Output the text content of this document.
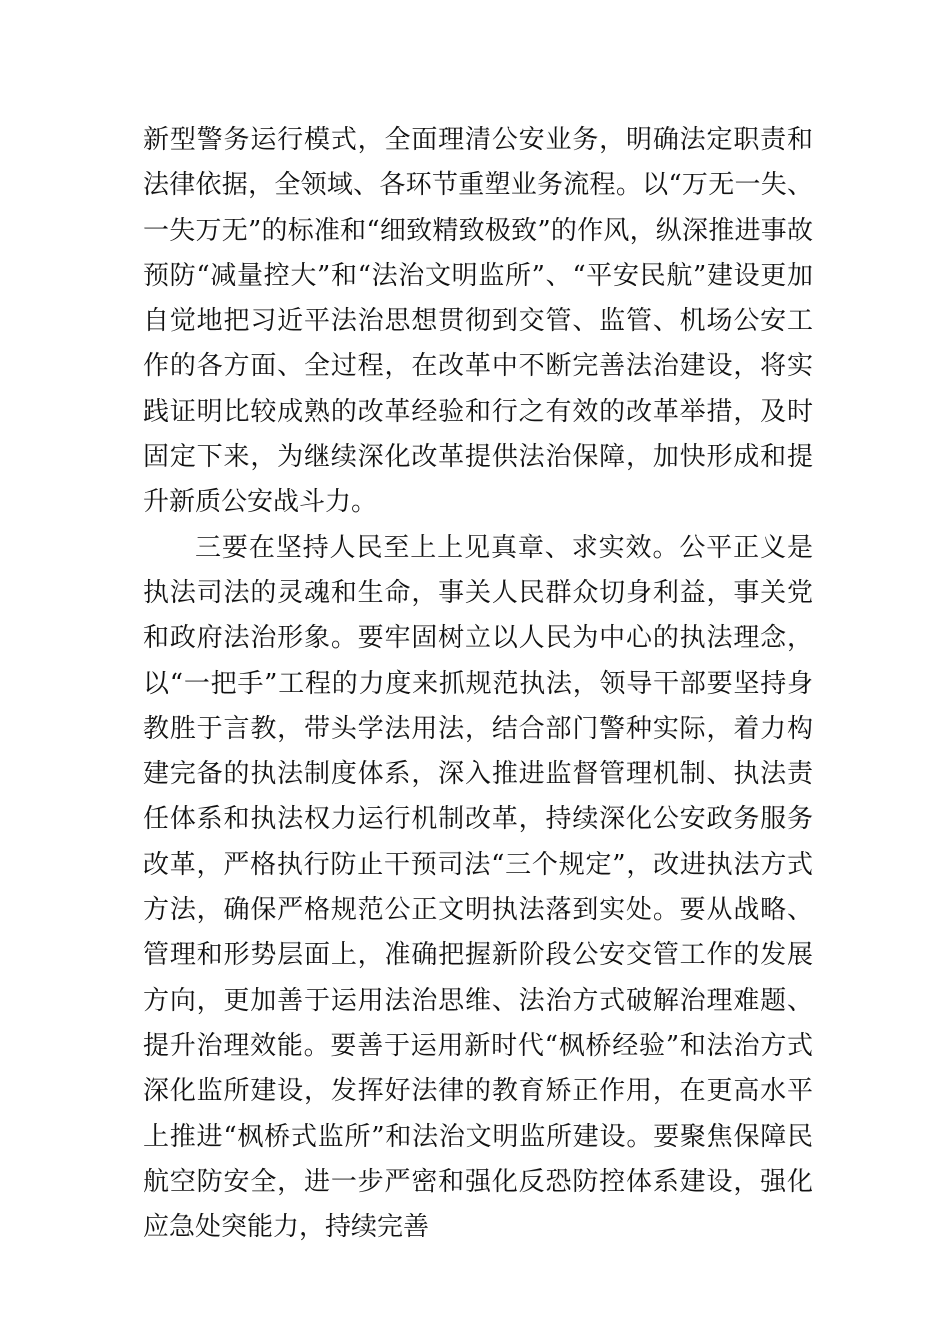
新型警务运行模式，全面理清公安业务，明确法定职责和法律依据，全领域、各环节重塑业务流程。以“万无一失、一失万无”的标准和“细致精致极致”的作风，纵深推进事故预防“减量控大”和“法治文明监所”、“平安民航”建设更加自觉地把习近平法治思想贯彻到交管、监管、机场公安工作的各方面、全过程，在改革中不断完善法治建设，将实践证明比较成熟的改革经验和行之有效的改革举措，及时固定下来，为继续深化改革提供法治保障，加快形成和提升新质公安战斗力。

三要在坚持人民至上上见真章、求实效。公平正义是执法司法的灵魂和生命，事关人民群众切身利益，事关党和政府法治形象。要牢固树立以人民为中心的执法理念，以“一把手”工程的力度来抓规范执法，领导干部要坚持身教胜于言教，带头学法用法，结合部门警种实际，着力构建完备的执法制度体系，深入推进监督管理机制、执法责任体系和执法权力运行机制改革，持续深化公安政务服务改革，严格执行防止干预司法“三个规定”，改进执法方式方法，确保严格规范公正文明执法落到实处。要从战略、管理和形势层面上，准确把握新阶段公安交管工作的发展方向，更加善于运用法治思维、法治方式破解治理难题、提升治理效能。要善于运用新时代“枫桥经验”和法治方式深化监所建设，发挥好法律的教育矫正作用，在更高水平上推进“枫桥式监所”和法治文明监所建设。要聚焦保障民航空防安全，进一步严密和强化反恐防控体系建设，强化应急处突能力，持续完善
